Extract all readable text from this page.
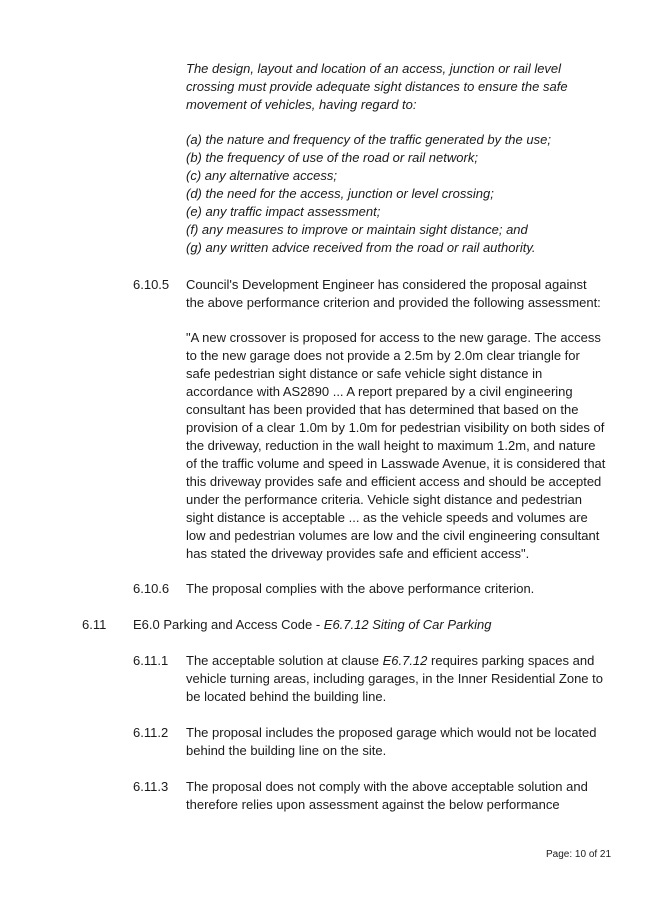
The design, layout and location of an access, junction or rail level crossing must provide adequate sight distances to ensure the safe movement of vehicles, having regard to:

(a) the nature and frequency of the traffic generated by the use;

(b) the frequency of use of the road or rail network;

(c) any alternative access;

(d) the need for the access, junction or level crossing;

(e) any traffic impact assessment;

(f) any measures to improve or maintain sight distance; and

(g) any written advice received from the road or rail authority.

6.10.5 Council's Development Engineer has considered the proposal against the above performance criterion and provided the following assessment:

"A new crossover is proposed for access to the new garage. The access to the new garage does not provide a 2.5m by 2.0m clear triangle for safe pedestrian sight distance or safe vehicle sight distance in accordance with AS2890 ... A report prepared by a civil engineering consultant has been provided that has determined that based on the provision of a clear 1.0m by 1.0m for pedestrian visibility on both sides of the driveway, reduction in the wall height to maximum 1.2m, and nature of the traffic volume and speed in Lasswade Avenue, it is considered that this driveway provides safe and efficient access and should be accepted under the performance criteria. Vehicle sight distance and pedestrian sight distance is acceptable ... as the vehicle speeds and volumes are low and pedestrian volumes are low and the civil engineering consultant has stated the driveway provides safe and efficient access".

6.10.6 The proposal complies with the above performance criterion.

6.11 E6.0 Parking and Access Code - E6.7.12 Siting of Car Parking
6.11.1 The acceptable solution at clause E6.7.12 requires parking spaces and vehicle turning areas, including garages, in the Inner Residential Zone to be located behind the building line.

6.11.2 The proposal includes the proposed garage which would not be located behind the building line on the site.

6.11.3 The proposal does not comply with the above acceptable solution and therefore relies upon assessment against the below performance

Page: 10 of 21
